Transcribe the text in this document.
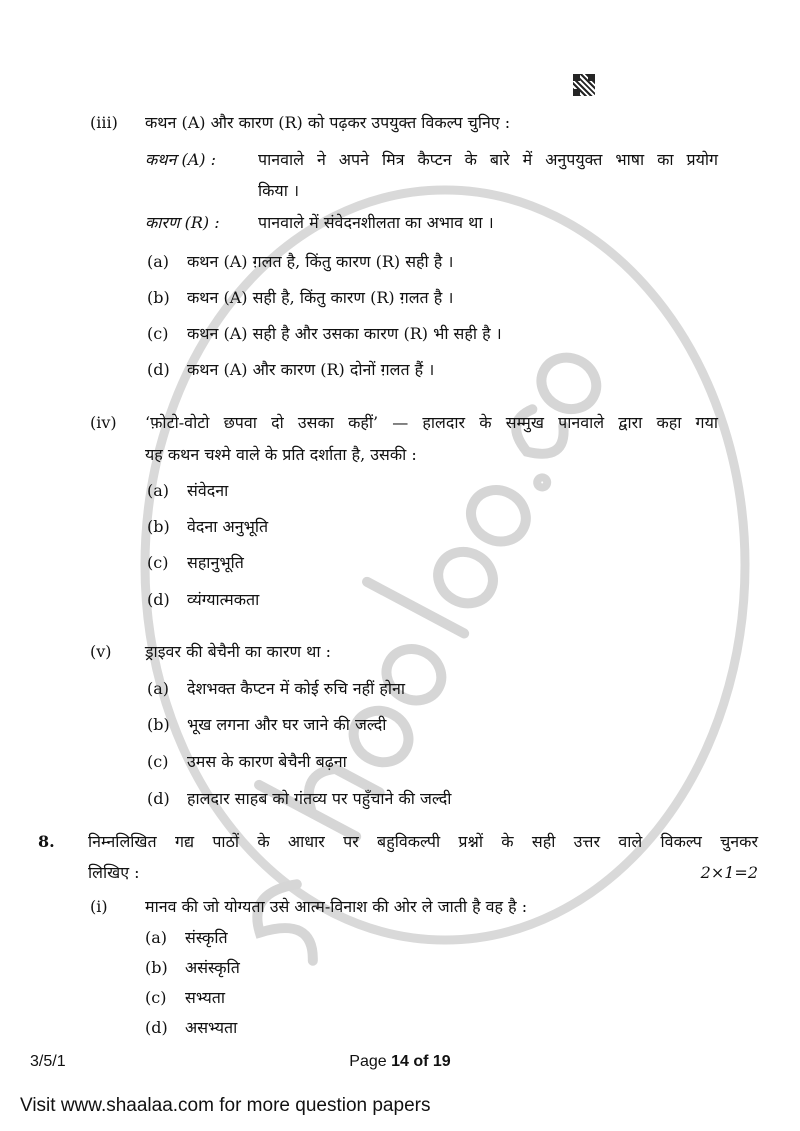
(iii) कथन (A) और कारण (R) को पढ़कर उपयुक्त विकल्प चुनिए :
कथन (A) :	पानवाले ने अपने मित्र कैप्टन के बारे में अनुपयुक्त भाषा का प्रयोग
किया ।
कारण (R) : पानवाले में संवेदनशीलता का अभाव था ।
(a) कथन (A) ग़लत है, किंतु कारण (R) सही है ।
(b) कथन (A) सही है, किंतु कारण (R) ग़लत है ।
(c) कथन (A) सही है और उसका कारण (R) भी सही है ।
(d) कथन (A) और कारण (R) दोनों ग़लत हैं ।
(iv) ‘फ़ोटो-वोटो छपवा दो उसका कहीं’ — हालदार के सम्मुख पानवाले द्वारा कहा गया
यह कथन चश्मे वाले के प्रति दर्शाता है, उसकी :
(a) संवेदना
(b) वेदना अनुभूति
(c) सहानुभूति
(d) व्यंग्यात्मकता
(v) ड्राइवर की बेचैनी का कारण था :
(a) देशभक्त कैप्टन में कोई रुचि नहीं होना
(b) भूख लगना और घर जाने की जल्दी
(c) उमस के कारण बेचैनी बढ़ना
(d) हालदार साहब को गंतव्य पर पहुँचाने की जल्दी
8. निम्नलिखित गद्य पाठों के आधार पर बहुविकल्पी प्रश्नों के सही उत्तर वाले विकल्प चुनकर
लिखिए :	2×1=2
(i) मानव की जो योग्यता उसे आत्म-विनाश की ओर ले जाती है वह है :
(a) संस्कृति
(b) असंस्कृति
(c) सभ्यता
(d) असभ्यता
3/5/1	Page 14 of 19
Visit www.shaalaa.com for more question papers
